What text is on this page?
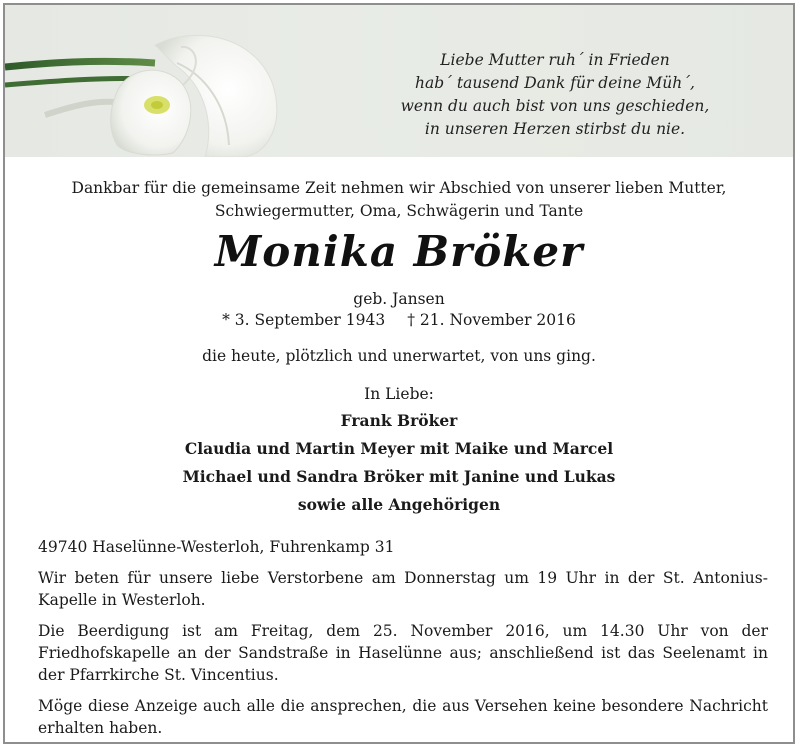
Liebe Mutter ruh´ in Frieden
hab´ tausend Dank für deine Müh´,
wenn du auch bist von uns geschieden,
in unseren Herzen stirbst du nie.
Dankbar für die gemeinsame Zeit nehmen wir Abschied von unserer lieben Mutter,
Schwiegermutter, Oma, Schwägerin und Tante
Monika Bröker
geb. Jansen
* 3. September 1943 † 21. November 2016
die heute, plötzlich und unerwartet, von uns ging.
In Liebe:
Frank Bröker
Claudia und Martin Meyer mit Maike und Marcel
Michael und Sandra Bröker mit Janine und Lukas
sowie alle Angehörigen

49740 Haselünne-Westerloh, Fuhrenkamp 31

Wir beten für unsere liebe Verstorbene am Donnerstag um 19 Uhr in der St. Antonius-Kapelle in Westerloh.

Die Beerdigung ist am Freitag, dem 25. November 2016, um 14.30 Uhr von der Friedhofskapelle an der Sandstraße in Haselünne aus; anschließend ist das Seelenamt in der Pfarrkirche St. Vincentius.

Möge diese Anzeige auch alle die ansprechen, die aus Versehen keine besondere Nachricht erhalten haben.
